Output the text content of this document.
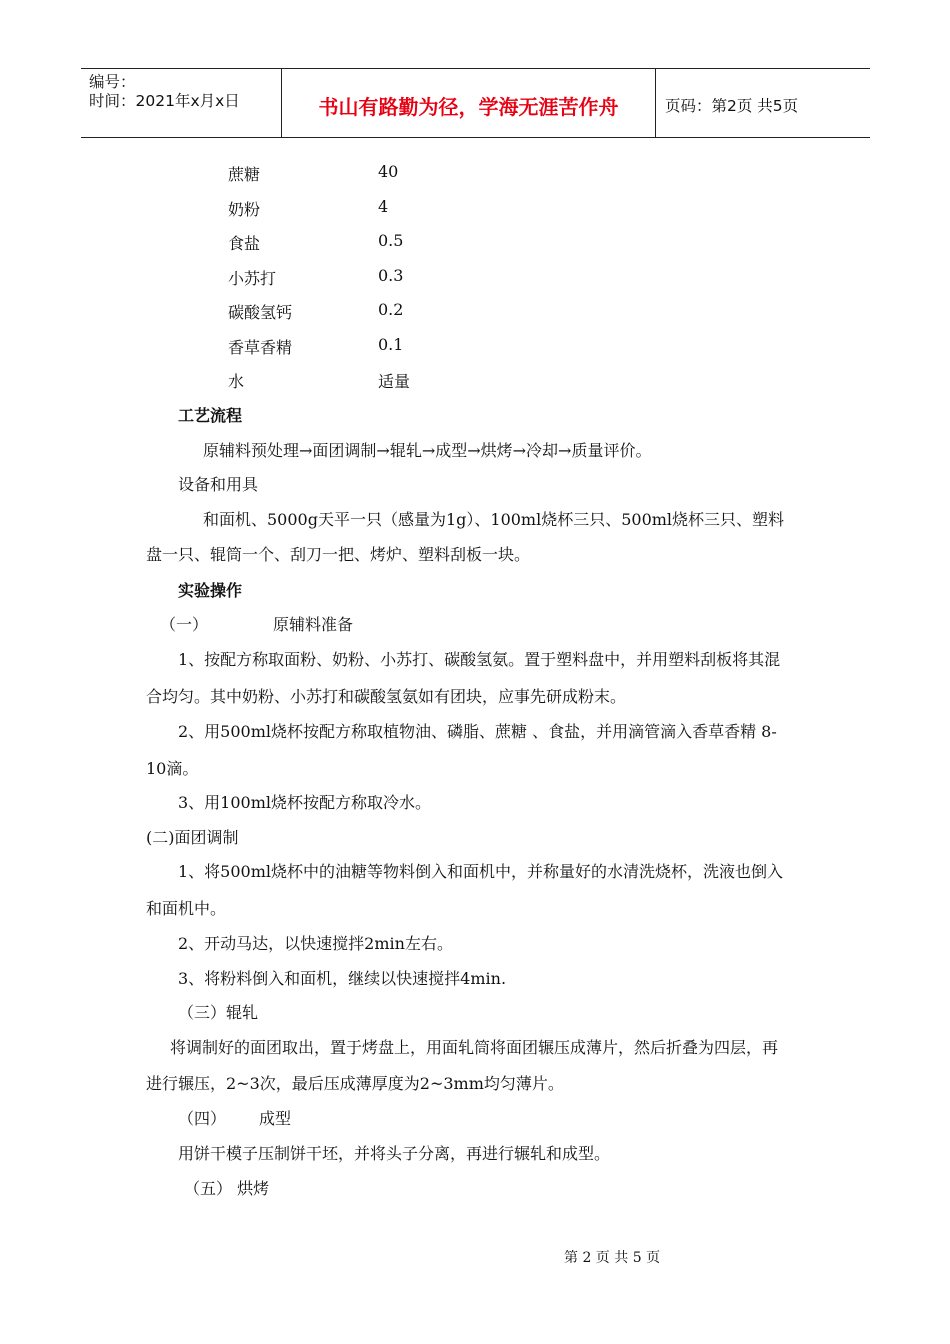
编号：
时间：2021年x月x日	书山有路勤为径，学海无涯苦作舟	页码：第2页 共5页
蔗糖	40
奶粉	4
食盐	0.5
小苏打	0.3
碳酸氢钙	0.2
香草香精	0.1
水	适量
工艺流程
原辅料预处理→面团调制→辊轧→成型→烘烤→冷却→质量评价。
设备和用具
和面机、5000g天平一只（感量为1g）、100ml烧杯三只、500ml烧杯三只、塑料
盘一只、辊筒一个、刮刀一把、烤炉、塑料刮板一块。
实验操作
（一）	原辅料准备
1、按配方称取面粉、奶粉、小苏打、碳酸氢氨。置于塑料盘中，并用塑料刮板将其混
合均匀。其中奶粉、小苏打和碳酸氢氨如有团块，应事先研成粉末。
2、用500ml烧杯按配方称取植物油、磷脂、蔗糖 、食盐，并用滴管滴入香草香精 8-
10滴。
3、用100ml烧杯按配方称取冷水。
(二)面团调制
1、将500ml烧杯中的油糖等物料倒入和面机中，并称量好的水清洗烧杯，洗液也倒入
和面机中。
2、开动马达，以快速搅拌2min左右。
3、将粉料倒入和面机，继续以快速搅拌4min.
（三）辊轧
将调制好的面团取出，置于烤盘上，用面轧筒将面团辗压成薄片，然后折叠为四层，再
进行辗压，2~3次，最后压成薄厚度为2~3mm均匀薄片。
（四） 成型
用饼干模子压制饼干坯，并将头子分离，再进行辗轧和成型。
（五） 烘烤
第 2 页 共 5 页
